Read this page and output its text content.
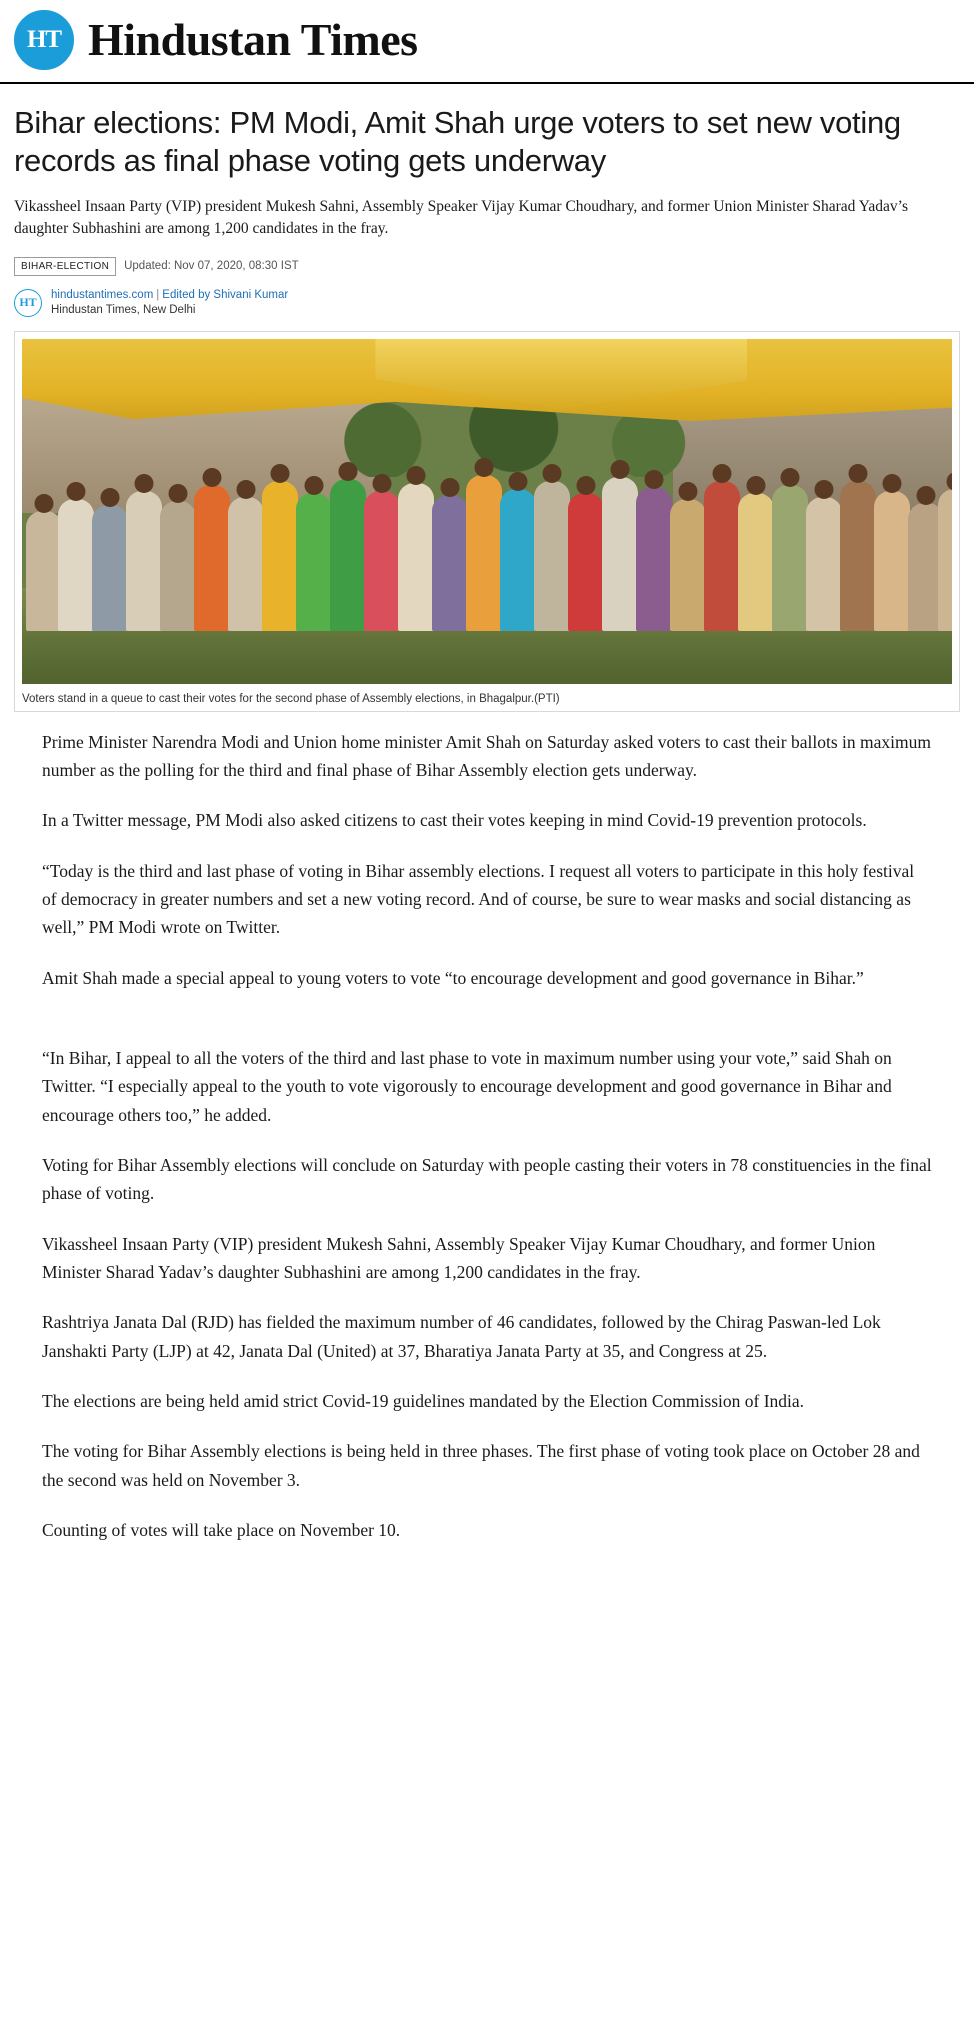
HT Hindustan Times
Bihar elections: PM Modi, Amit Shah urge voters to set new voting records as final phase voting gets underway

Vikassheel Insaan Party (VIP) president Mukesh Sahni, Assembly Speaker Vijay Kumar Choudhary, and former Union Minister Sharad Yadav’s daughter Subhashini are among 1,200 candidates in the fray.

BIHAR-ELECTION	Updated: Nov 07, 2020, 08:30 IST
HT
hindustantimes.com | Edited by Shivani Kumar
Hindustan Times, New Delhi
Voters stand in a queue to cast their votes for the second phase of Assembly elections, in Bhagalpur.(PTI)

Prime Minister Narendra Modi and Union home minister Amit Shah on Saturday asked voters to cast their ballots in maximum number as the polling for the third and final phase of Bihar Assembly election gets underway.

In a Twitter message, PM Modi also asked citizens to cast their votes keeping in mind Covid-19 prevention protocols.

“Today is the third and last phase of voting in Bihar assembly elections. I request all voters to participate in this holy festival of democracy in greater numbers and set a new voting record. And of course, be sure to wear masks and social distancing as well,” PM Modi wrote on Twitter.

Amit Shah made a special appeal to young voters to vote “to encourage development and good governance in Bihar.”

“In Bihar, I appeal to all the voters of the third and last phase to vote in maximum number using your vote,” said Shah on Twitter. “I especially appeal to the youth to vote vigorously to encourage development and good governance in Bihar and encourage others too,” he added.

Voting for Bihar Assembly elections will conclude on Saturday with people casting their voters in 78 constituencies in the final phase of voting.

Vikassheel Insaan Party (VIP) president Mukesh Sahni, Assembly Speaker Vijay Kumar Choudhary, and former Union Minister Sharad Yadav’s daughter Subhashini are among 1,200 candidates in the fray.

Rashtriya Janata Dal (RJD) has fielded the maximum number of 46 candidates, followed by the Chirag Paswan-led Lok Janshakti Party (LJP) at 42, Janata Dal (United) at 37, Bharatiya Janata Party at 35, and Congress at 25.

The elections are being held amid strict Covid-19 guidelines mandated by the Election Commission of India.

The voting for Bihar Assembly elections is being held in three phases. The first phase of voting took place on October 28 and the second was held on November 3.

Counting of votes will take place on November 10.
